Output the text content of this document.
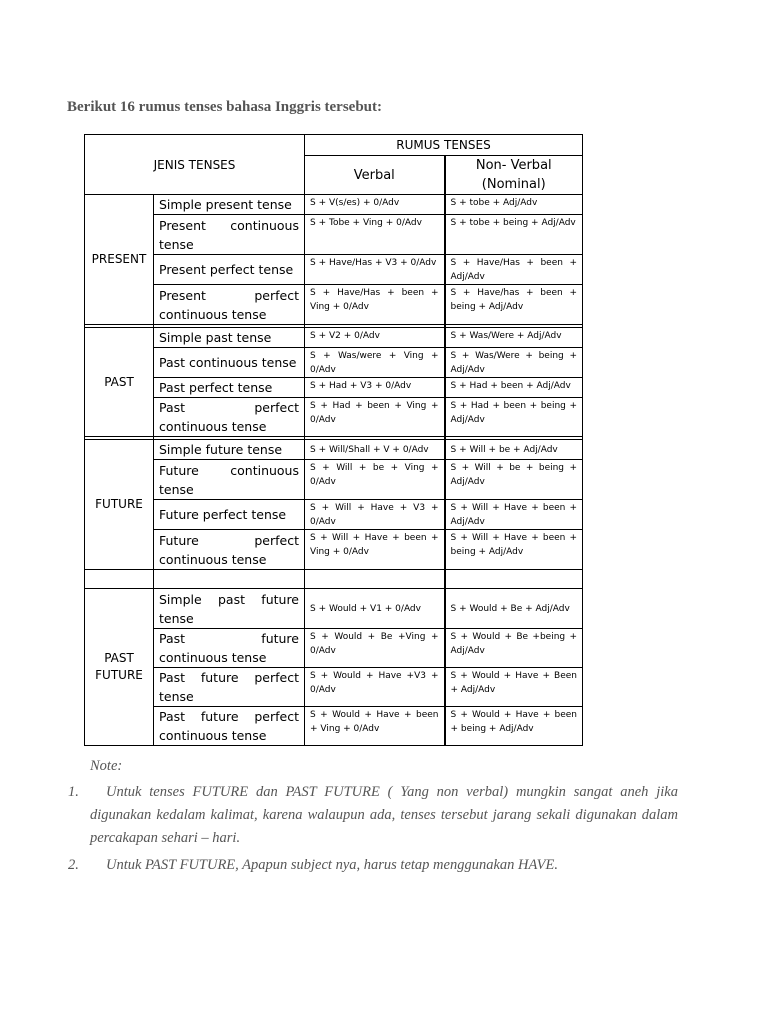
Berikut 16 rumus tenses bahasa Inggris tersebut:
JENIS TENSES		RUMUS TENSES	
		Verbal	Non- Verbal (Nominal)
PRESENT	Simple present tense	S + V(s/es) + 0/Adv	S + tobe + Adj/Adv
	Present continuous tense	S + Tobe + Ving + 0/Adv	S + tobe + being + Adj/Adv
	Present perfect tense	S + Have/Has + V3 + 0/Adv	S + Have/Has + been + Adj/Adv
	Present perfect continuous tense	S + Have/Has + been + Ving + 0/Adv	S + Have/has + been + being + Adj/Adv

PAST	Simple past tense	S + V2 + 0/Adv	S + Was/Were + Adj/Adv
	Past continuous tense	S + Was/were + Ving + 0/Adv	S + Was/Were + being + Adj/Adv
	Past perfect tense	S + Had + V3 + 0/Adv	S + Had + been + Adj/Adv
	Past perfect continuous tense	S + Had + been + Ving + 0/Adv	S + Had + been + being + Adj/Adv

FUTURE	Simple future tense	S + Will/Shall + V + 0/Adv	S + Will + be + Adj/Adv
	Future continuous tense	S + Will + be + Ving + 0/Adv	S + Will + be + being + Adj/Adv
	Future perfect tense	S + Will + Have + V3 + 0/Adv	S + Will + Have + been + Adj/Adv
	Future perfect continuous tense	S + Will + Have + been + Ving + 0/Adv	S + Will + Have + been + being + Adj/Adv

PAST FUTURE	Simple past future tense	S + Would + V1 + 0/Adv	S + Would + Be + Adj/Adv
	Past future continuous tense	S + Would + Be +Ving + 0/Adv	S + Would + Be +being + Adj/Adv
	Past future perfect tense	S + Would + Have +V3 + 0/Adv	S + Would + Have + Been + Adj/Adv
	Past future perfect continuous tense	S + Would + Have + been + Ving + 0/Adv	S + Would + Have + been + being + Adj/Adv
Note:
1. Untuk tenses FUTURE dan PAST FUTURE ( Yang non verbal) mungkin sangat aneh jika digunakan kedalam kalimat, karena walaupun ada, tenses tersebut jarang sekali digunakan dalam percakapan sehari – hari.
2. Untuk PAST FUTURE, Apapun subject nya, harus tetap menggunakan HAVE.
